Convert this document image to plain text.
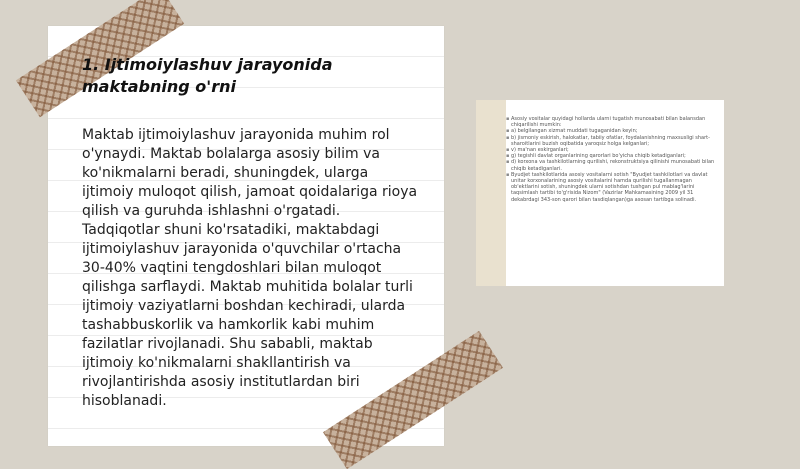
1. Ijtimoiylashuv jarayonida maktabning o'rni

Maktab ijtimoiylashuv jarayonida muhim rol o'ynaydi. Maktab bolalarga asosiy bilim va ko'nikmalarni beradi, shuningdek, ularga ijtimoiy muloqot qilish, jamoat qoidalariga rioya qilish va guruhda ishlashni o'rgatadi. Tadqiqotlar shuni ko'rsatadiki, maktabdagi ijtimoiylashuv jarayonida o'quvchilar o'rtacha 30-40% vaqtini tengdoshlari bilan muloqot qilishga sarflaydi. Maktab muhitida bolalar turli ijtimoiy vaziyatlarni boshdan kechiradi, ularda tashabbuskorlik va hamkorlik kabi muhim fazilatlar rivojlanadi. Shu sababli, maktab ijtimoiy ko'nikmalarni shakllantirish va rivojlantirishda asosiy institutlardan biri hisoblanadi.

▪ Asosiy vositalar quyidagi hollarda ularni tugatish munosabati bilan balansdan chiqarilishi mumkin:
▪ a) belgilangan xizmat muddati tugaganidan keyin;
▪ b) jismoniy eskirish, halokatlar, tabiiy ofatlar, foydalanishning maxsusligi shart-sharoitlarini buzish oqibatida yaroqsiz holga kelganlari;
▪ v) ma'nan eskirganlari;
▪ g) tegishli davlat organlarining qarorlari bo'yicha chiqib ketadiganlari;
▪ d) korxona va tashkilotlarning qurilishi, rekonstruktsiya qilinishi munosabati bilan chiqib ketadiganlari.
▪ Byudjet tashkilotlarida asosiy vositalarni sotish "Byudjet tashkilotlari va davlat unitar korxonalarining asosiy vositalarini hamda qurilishi tugallanmagan ob'ektlarini sotish, shuningdek ularni sotishdan tushgan pul mablag'larini taqsimlash tartibi to'g'risida Nizom" (Vazirlar Mahkamasining 2009 yil 31 dekabrdagi 343-son qarori bilan tasdiqlangan)ga asosan tartibga solinadi.
